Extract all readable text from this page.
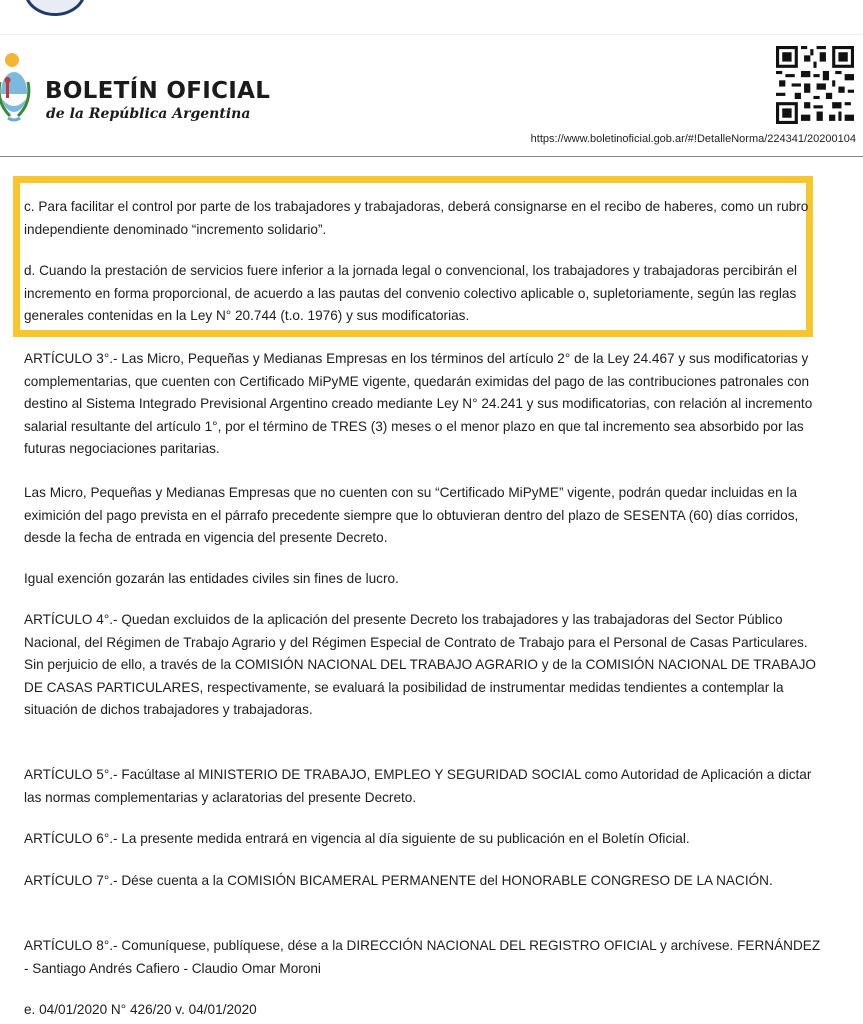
BOLETÍN OFICIAL
de la República Argentina
https://www.boletinoficial.gob.ar/#!DetalleNorma/224341/20200104

c. Para facilitar el control por parte de los trabajadores y trabajadoras, deberá consignarse en el recibo de haberes, como un rubro independiente denominado “incremento solidario”.

d. Cuando la prestación de servicios fuere inferior a la jornada legal o convencional, los trabajadores y trabajadoras percibirán el incremento en forma proporcional, de acuerdo a las pautas del convenio colectivo aplicable o, supletoriamente, según las reglas generales contenidas en la Ley N° 20.744 (t.o. 1976) y sus modificatorias.

ARTÍCULO 3°.- Las Micro, Pequeñas y Medianas Empresas en los términos del artículo 2° de la Ley 24.467 y sus modificatorias y complementarias, que cuenten con Certificado MiPyME vigente, quedarán eximidas del pago de las contribuciones patronales con destino al Sistema Integrado Previsional Argentino creado mediante Ley N° 24.241 y sus modificatorias, con relación al incremento salarial resultante del artículo 1°, por el término de TRES (3) meses o el menor plazo en que tal incremento sea absorbido por las futuras negociaciones paritarias.

Las Micro, Pequeñas y Medianas Empresas que no cuenten con su “Certificado MiPyME” vigente, podrán quedar incluidas en la eximición del pago prevista en el párrafo precedente siempre que lo obtuvieran dentro del plazo de SESENTA (60) días corridos, desde la fecha de entrada en vigencia del presente Decreto.

Igual exención gozarán las entidades civiles sin fines de lucro.

ARTÍCULO 4°.- Quedan excluidos de la aplicación del presente Decreto los trabajadores y las trabajadoras del Sector Público Nacional, del Régimen de Trabajo Agrario y del Régimen Especial de Contrato de Trabajo para el Personal de Casas Particulares. Sin perjuicio de ello, a través de la COMISIÓN NACIONAL DEL TRABAJO AGRARIO y de la COMISIÓN NACIONAL DE TRABAJO DE CASAS PARTICULARES, respectivamente, se evaluará la posibilidad de instrumentar medidas tendientes a contemplar la situación de dichos trabajadores y trabajadoras.

ARTÍCULO 5°.- Facúltase al MINISTERIO DE TRABAJO, EMPLEO Y SEGURIDAD SOCIAL como Autoridad de Aplicación a dictar las normas complementarias y aclaratorias del presente Decreto.

ARTÍCULO 6°.- La presente medida entrará en vigencia al día siguiente de su publicación en el Boletín Oficial.

ARTÍCULO 7°.- Dése cuenta a la COMISIÓN BICAMERAL PERMANENTE del HONORABLE CONGRESO DE LA NACIÓN.

ARTÍCULO 8°.- Comuníquese, publíquese, dése a la DIRECCIÓN NACIONAL DEL REGISTRO OFICIAL y archívese. FERNÁNDEZ - Santiago Andrés Cafiero - Claudio Omar Moroni

e. 04/01/2020 N° 426/20 v. 04/01/2020
